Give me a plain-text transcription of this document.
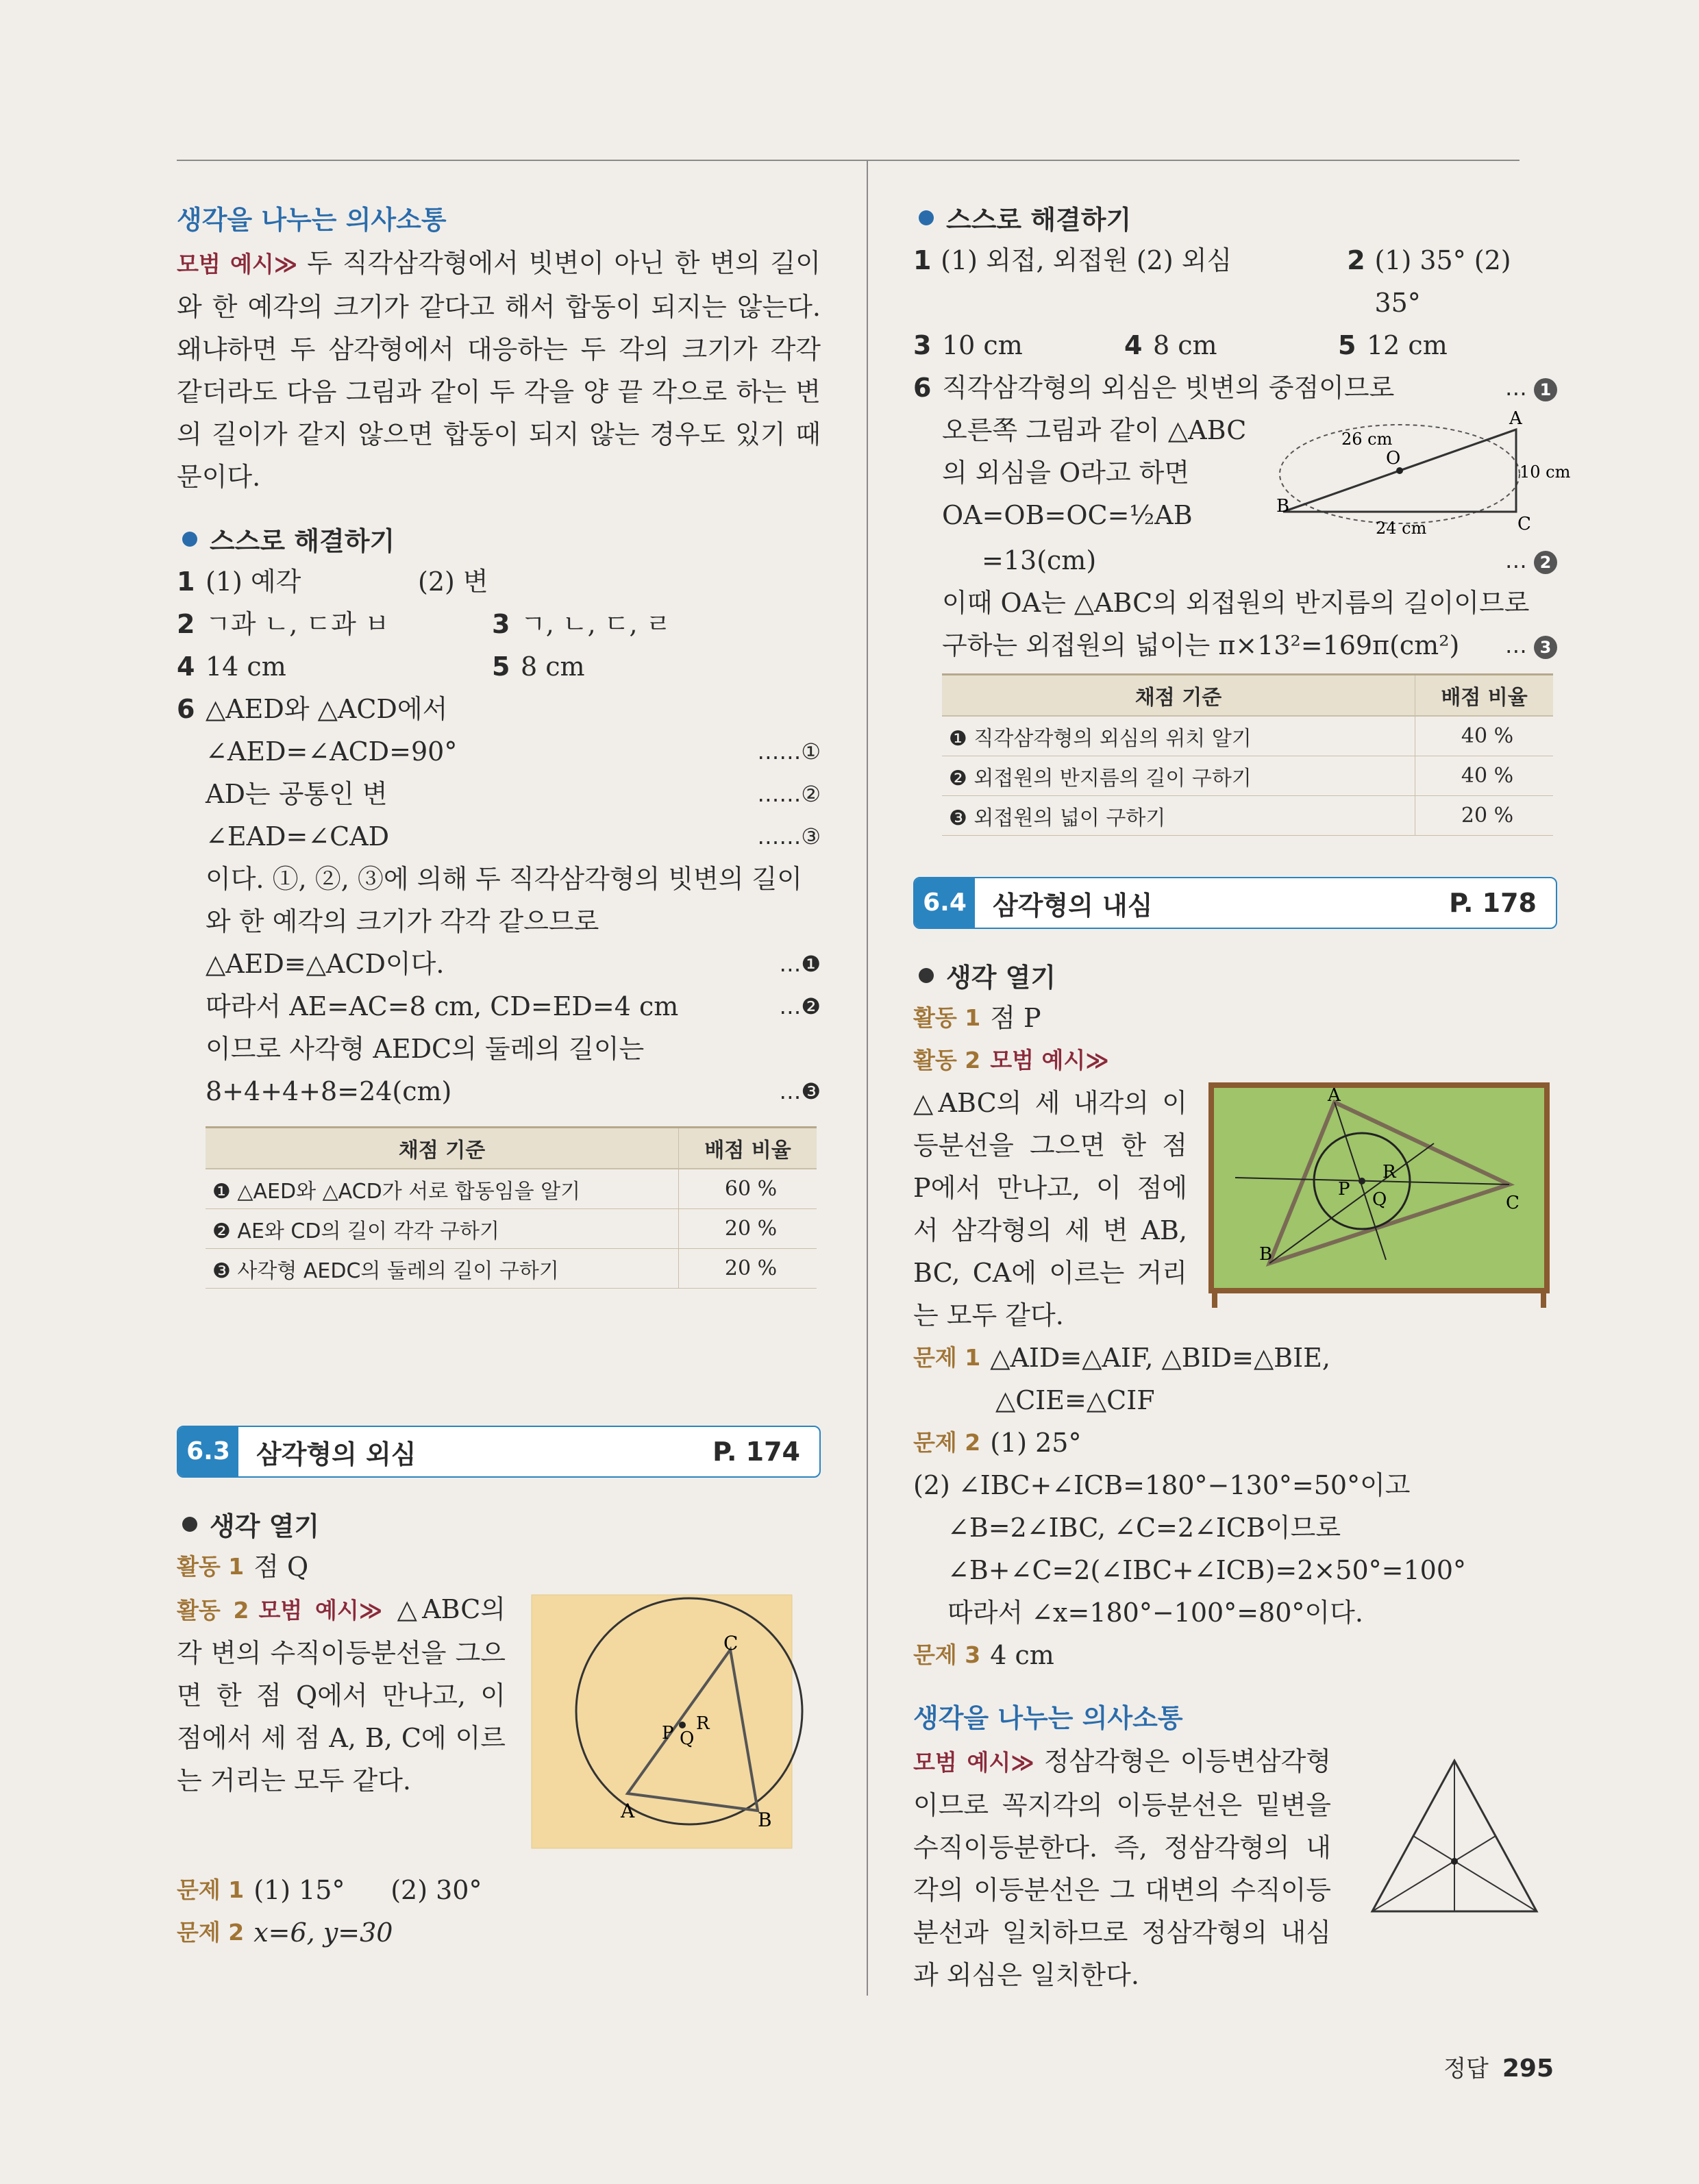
생각을 나누는 의사소통
모범 예시≫ 두 직각삼각형에서 빗변이 아닌 한 변의 길이와 한 예각의 크기가 같다고 해서 합동이 되지는 않는다. 왜냐하면 두 삼각형에서 대응하는 두 각의 크기가 각각 같더라도 다음 그림과 같이 두 각을 양 끝 각으로 하는 변의 길이가 같지 않으면 합동이 되지 않는 경우도 있기 때문이다.
스스로 해결하기
1 (1) 예각	(2) 변
2 ㄱ과 ㄴ, ㄷ과 ㅂ	3 ㄱ, ㄴ, ㄷ, ㄹ
4 14 cm	5 8 cm
6 △AED와 △ACD에서
∠AED=∠ACD=90°	……①
AD는 공통인 변	……②
∠EAD=∠CAD	……③
이다. ①, ②, ③에 의해 두 직각삼각형의 빗변의 길이
와 한 예각의 크기가 각각 같으므로
△AED≡△ACD이다.	…❶
따라서 AE=AC=8 cm, CD=ED=4 cm	…❷
이므로 사각형 AEDC의 둘레의 길이는
8+4+4+8=24(cm)	…❸
채점 기준	배점 비율
❶ △AED와 △ACD가 서로 합동임을 알기	60 %
❷ AE와 CD의 길이 각각 구하기	20 %
❸ 사각형 AEDC의 둘레의 길이 구하기	20 %
6.3	삼각형의 외심	P. 174
생각 열기
활동 1 점 Q
활동 2 모범 예시≫ △ABC의 각 변의 수직이등분선을 그으면 한 점 Q에서 만나고, 이 점에서 세 점 A, B, C에 이르는 거리는 모두 같다.
C
A	B
P Q
R
문제 1 (1) 15°	(2) 30°
문제 2 x=6, y=30
스스로 해결하기
1 (1) 외접, 외접원 (2) 외심	2 (1) 35° (2) 35°
3 10 cm	4 8 cm	5 12 cm
6 직각삼각형의 외심은 빗변의 중점이므로	… 1
오른쪽 그림과 같이 △ABC
의 외심을 O라고 하면
OA=OB=OC=½AB
A
B
C
O
26 cm
10 cm
24 cm
=13(cm)	… 2
이때 OA는 △ABC의 외접원의 반지름의 길이이므로
구하는 외접원의 넓이는 π×13²=169π(cm²) … 3
채점 기준	배점 비율
❶ 직각삼각형의 외심의 위치 알기	40 %
❷ 외접원의 반지름의 길이 구하기	40 %
❸ 외접원의 넓이 구하기	20 %
6.4	삼각형의 내심	P. 178
생각 열기
활동 1 점 P
활동 2 모범 예시≫
△ABC의 세 내각의 이등분선을 그으면 한 점 P에서 만나고, 이 점에서 삼각형의 세 변 AB, BC, CA에 이르는 거리는 모두 같다.
A
B
C
P Q
R
문제 1 △AID≡△AIF, △BID≡△BIE,
△CIE≡△CIF
문제 2 (1) 25°
(2) ∠IBC+∠ICB=180°−130°=50°이고
∠B=2∠IBC, ∠C=2∠ICB이므로
∠B+∠C=2(∠IBC+∠ICB)=2×50°=100°
따라서 ∠x=180°−100°=80°이다.
문제 3 4 cm
생각을 나누는 의사소통
모범 예시≫ 정삼각형은 이등변삼각형이므로 꼭지각의 이등분선은 밑변을 수직이등분한다. 즉, 정삼각형의 내각의 이등분선은 그 대변의 수직이등분선과 일치하므로 정삼각형의 내심과 외심은 일치한다.
정답 295
